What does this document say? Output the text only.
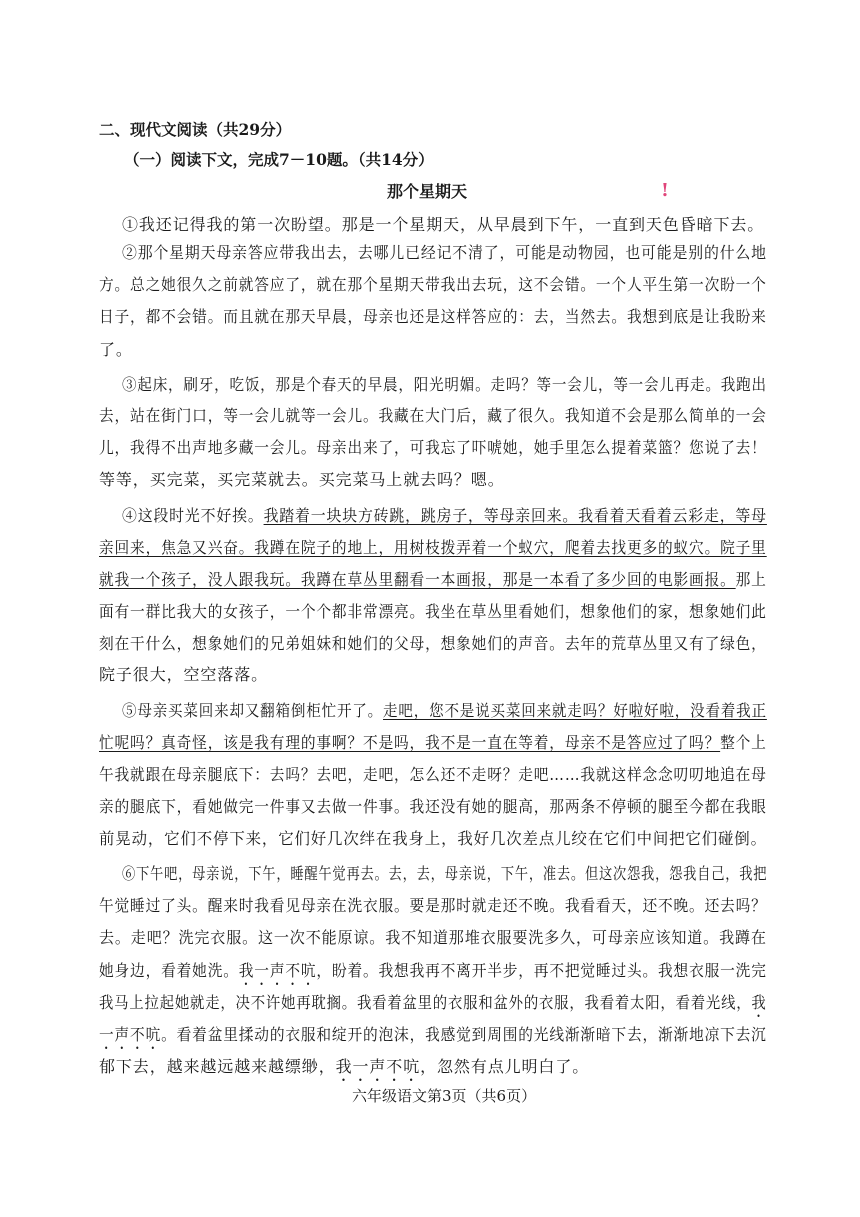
二、现代文阅读（共29分）
（一）阅读下文，完成7－10题。（共14分）
那个星期天	!
①我还记得我的第一次盼望。那是一个星期天，从早晨到下午，一直到天色昏暗下去。
②那个星期天母亲答应带我出去，去哪儿已经记不清了，可能是动物园，也可能是别的什么地
方。总之她很久之前就答应了，就在那个星期天带我出去玩，这不会错。一个人平生第一次盼一个
日子，都不会错。而且就在那天早晨，母亲也还是这样答应的：去，当然去。我想到底是让我盼来
了。
③起床，刷牙，吃饭，那是个春天的早晨，阳光明媚。走吗？等一会儿，等一会儿再走。我跑出
去，站在街门口，等一会儿就等一会儿。我藏在大门后，藏了很久。我知道不会是那么简单的一会
儿，我得不出声地多藏一会儿。母亲出来了，可我忘了吓唬她，她手里怎么提着菜篮？您说了去！
等等，买完菜，买完菜就去。买完菜马上就去吗？嗯。
④这段时光不好挨。我踏着一块块方砖跳，跳房子，等母亲回来。我看着天看着云彩走，等母
亲回来，焦急又兴奋。我蹲在院子的地上，用树枝拨弄着一个蚁穴，爬着去找更多的蚁穴。院子里
就我一个孩子，没人跟我玩。我蹲在草丛里翻看一本画报，那是一本看了多少回的电影画报。那上
面有一群比我大的女孩子，一个个都非常漂亮。我坐在草丛里看她们，想象他们的家，想象她们此
刻在干什么，想象她们的兄弟姐妹和她们的父母，想象她们的声音。去年的荒草丛里又有了绿色，
院子很大，空空落落。
⑤母亲买菜回来却又翻箱倒柜忙开了。走吧，您不是说买菜回来就走吗？好啦好啦，没看着我正
忙呢吗？真奇怪，该是我有理的事啊？不是吗，我不是一直在等着，母亲不是答应过了吗？整个上
午我就跟在母亲腿底下：去吗？去吧，走吧，怎么还不走呀？走吧……我就这样念念叨叨地追在母
亲的腿底下，看她做完一件事又去做一件事。我还没有她的腿高，那两条不停顿的腿至今都在我眼
前晃动，它们不停下来，它们好几次绊在我身上，我好几次差点儿绞在它们中间把它们碰倒。
⑥下午吧，母亲说，下午，睡醒午觉再去。去，去，母亲说，下午，准去。但这次怨我，怨我自己，我把
午觉睡过了头。醒来时我看见母亲在洗衣服。要是那时就走还不晚。我看看天，还不晚。还去吗？
去。走吧？洗完衣服。这一次不能原谅。我不知道那堆衣服要洗多久，可母亲应该知道。我蹲在
她身边，看着她洗。我一声不吭，盼着。我想我再不离开半步，再不把觉睡过头。我想衣服一洗完
我马上拉起她就走，决不许她再耽搁。我看着盆里的衣服和盆外的衣服，我看着太阳，看着光线，我
一声不吭。看着盆里揉动的衣服和绽开的泡沫，我感觉到周围的光线渐渐暗下去，渐渐地凉下去沉
郁下去，越来越远越来越缥缈，我一声不吭，忽然有点儿明白了。
六年级语文第3页（共6页）
